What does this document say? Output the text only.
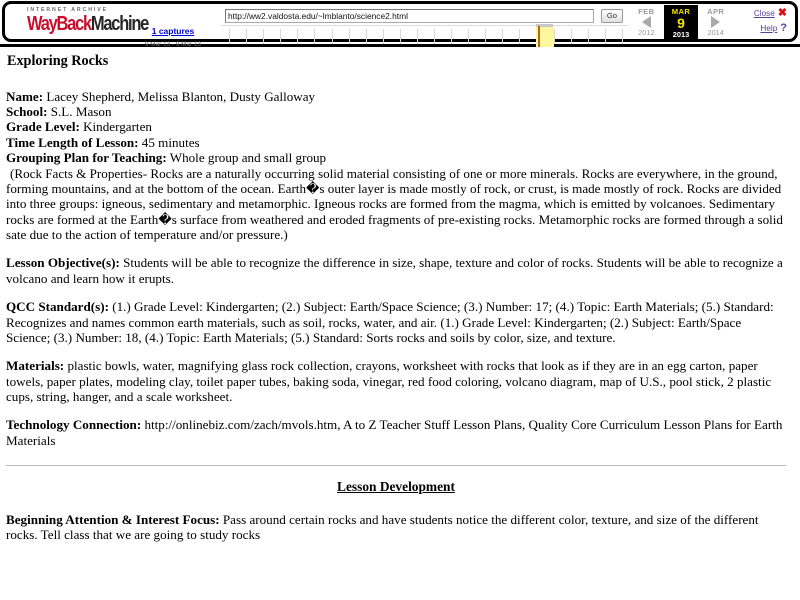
INTERNET ARCHIVE
WayBackMachine 1 captures
9 Mar 13 - 9 Mar 13
http://ww2.valdosta.edu/~lmblanto/science2.html
Go	FEB
2012
MAR
9
2013
APR
2014
Close ✖
Help ?
Exploring Rocks
Name: Lacey Shepherd, Melissa Blanton, Dusty Galloway
School: S.L. Mason
Grade Level: Kindergarten
Time Length of Lesson: 45 minutes
Grouping Plan for Teaching: Whole group and small group

(Rock Facts & Properties- Rocks are a naturally occurring solid material consisting of one or more minerals. Rocks are everywhere, in the ground, forming mountains, and at the bottom of the ocean. Earth�s outer layer is made mostly of rock, or crust, is made mostly of rock. Rocks are divided into three groups: igneous, sedimentary and metamorphic. Igneous rocks are formed from the magma, which is emitted by volcanoes. Sedimentary rocks are formed at the Earth�s surface from weathered and eroded fragments of pre-existing rocks. Metamorphic rocks are formed through a solid sate due to the action of temperature and/or pressure.)

Lesson Objective(s): Students will be able to recognize the difference in size, shape, texture and color of rocks. Students will be able to recognize a volcano and learn how it erupts.

QCC Standard(s): (1.) Grade Level: Kindergarten; (2.) Subject: Earth/Space Science; (3.) Number: 17; (4.) Topic: Earth Materials; (5.) Standard: Recognizes and names common earth materials, such as soil, rocks, water, and air. (1.) Grade Level: Kindergarten; (2.) Subject: Earth/Space Science; (3.) Number: 18, (4.) Topic: Earth Materials; (5.) Standard: Sorts rocks and soils by color, size, and texture.

Materials: plastic bowls, water, magnifying glass rock collection, crayons, worksheet with rocks that look as if they are in an egg carton, paper towels, paper plates, modeling clay, toilet paper tubes, baking soda, vinegar, red food coloring, volcano diagram, map of U.S., pool stick, 2 plastic cups, string, hanger, and a scale worksheet.

Technology Connection: http://onlinebiz.com/zach/mvols.htm, A to Z Teacher Stuff Lesson Plans, Quality Core Curriculum Lesson Plans for Earth Materials

Lesson Development

Beginning Attention & Interest Focus: Pass around certain rocks and have students notice the different color, texture, and size of the different rocks. Tell class that we are going to study rocks
